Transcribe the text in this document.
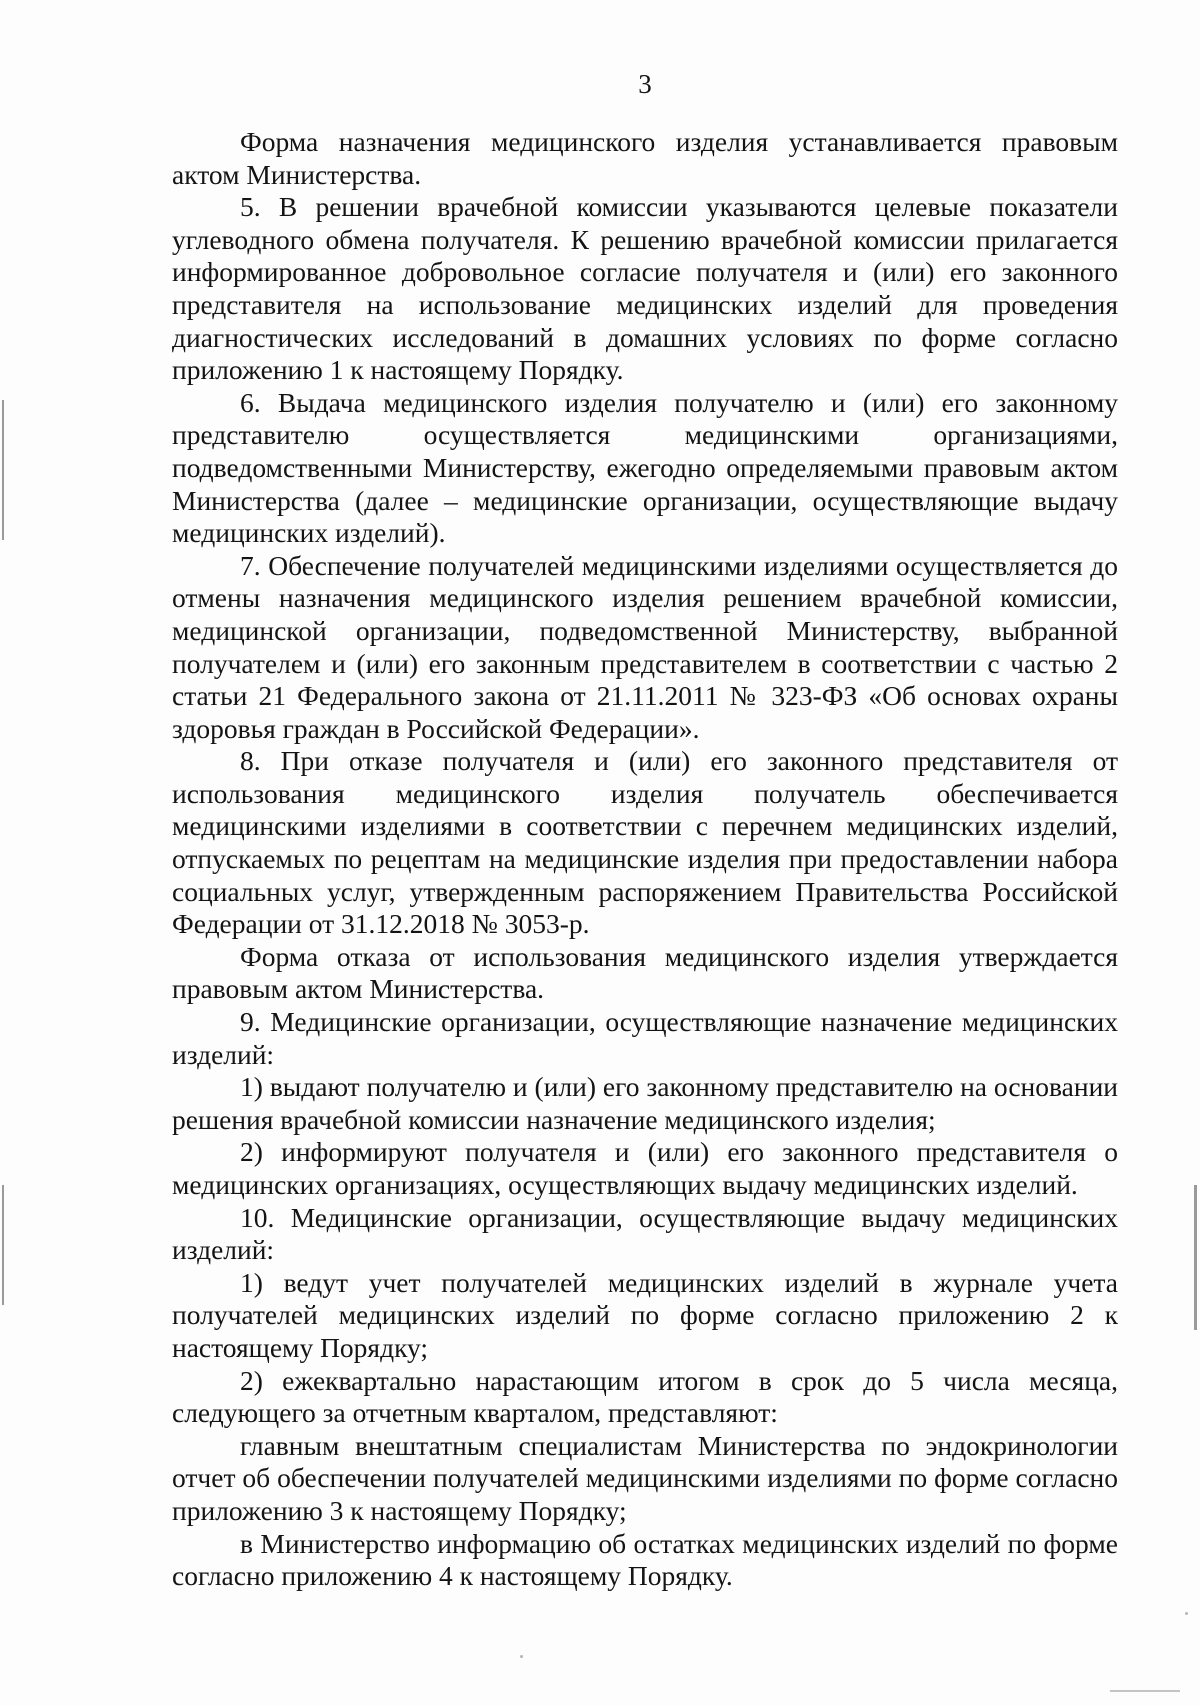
3

Форма назначения медицинского изделия устанавливается правовым актом Министерства.

5. В решении врачебной комиссии указываются целевые показатели углеводного обмена получателя. К решению врачебной комиссии прилагается информированное добровольное согласие получателя и (или) его законного представителя на использование медицинских изделий для проведения диагностических исследований в домашних условиях по форме согласно приложению 1 к настоящему Порядку.

6. Выдача медицинского изделия получателю и (или) его законному представителю осуществляется медицинскими организациями, подведомственными Министерству, ежегодно определяемыми правовым актом Министерства (далее – медицинские организации, осуществляющие выдачу медицинских изделий).

7. Обеспечение получателей медицинскими изделиями осуществляется до отмены назначения медицинского изделия решением врачебной комиссии, медицинской организации, подведомственной Министерству, выбранной получателем и (или) его законным представителем в соответствии с частью 2 статьи 21 Федерального закона от 21.11.2011 № 323-ФЗ «Об основах охраны здоровья граждан в Российской Федерации».

8. При отказе получателя и (или) его законного представителя от использования медицинского изделия получатель обеспечивается медицинскими изделиями в соответствии с перечнем медицинских изделий, отпускаемых по рецептам на медицинские изделия при предоставлении набора социальных услуг, утвержденным распоряжением Правительства Российской Федерации от 31.12.2018 № 3053-р.

Форма отказа от использования медицинского изделия утверждается правовым актом Министерства.

9. Медицинские организации, осуществляющие назначение медицинских изделий:

1) выдают получателю и (или) его законному представителю на основании решения врачебной комиссии назначение медицинского изделия;

2) информируют получателя и (или) его законного представителя о медицинских организациях, осуществляющих выдачу медицинских изделий.

10. Медицинские организации, осуществляющие выдачу медицинских изделий:

1) ведут учет получателей медицинских изделий в журнале учета получателей медицинских изделий по форме согласно приложению 2 к настоящему Порядку;

2) ежеквартально нарастающим итогом в срок до 5 числа месяца, следующего за отчетным кварталом, представляют:

главным внештатным специалистам Министерства по эндокринологии отчет об обеспечении получателей медицинскими изделиями по форме согласно приложению 3 к настоящему Порядку;

в Министерство информацию об остатках медицинских изделий по форме согласно приложению 4 к настоящему Порядку.
